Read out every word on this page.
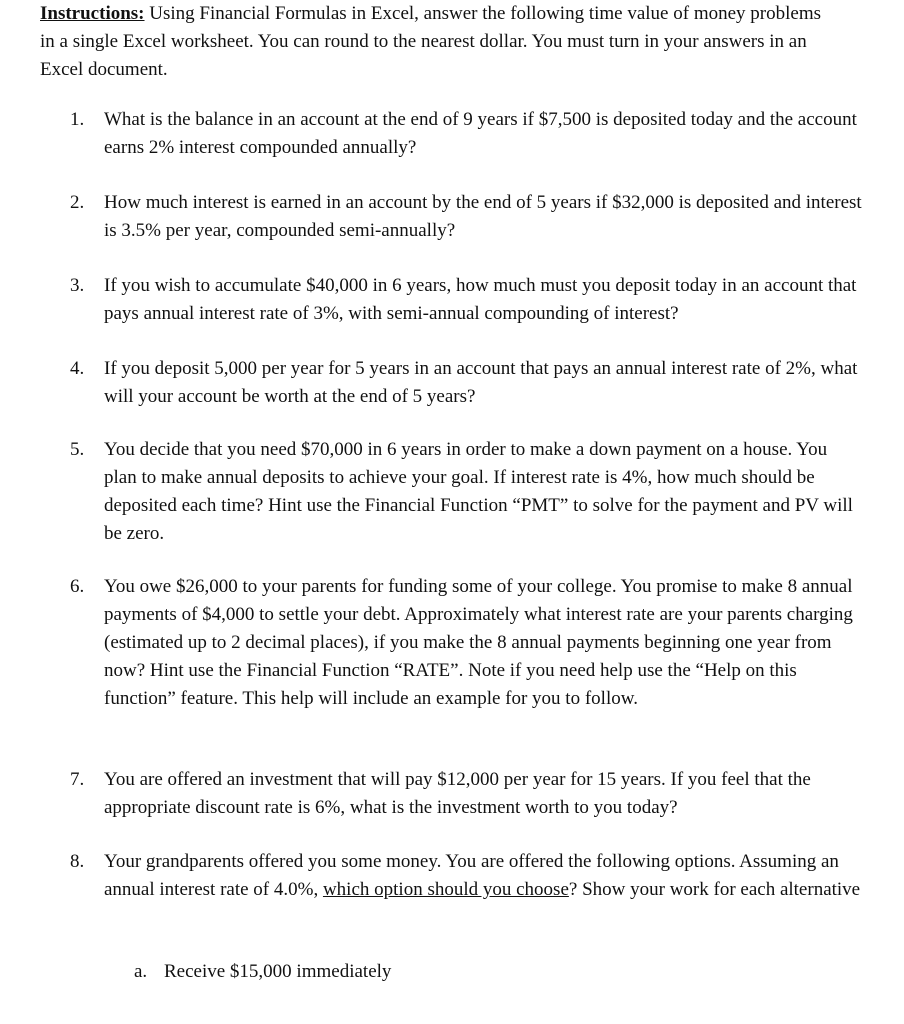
Instructions: Using Financial Formulas in Excel, answer the following time value of money problems in a single Excel worksheet. You can round to the nearest dollar. You must turn in your answers in an Excel document.

1.	What is the balance in an account at the end of 9 years if $7,500 is deposited today and the account earns 2% interest compounded annually?
2.	How much interest is earned in an account by the end of 5 years if $32,000 is deposited and interest is 3.5% per year, compounded semi-annually?
3.	If you wish to accumulate $40,000 in 6 years, how much must you deposit today in an account that pays annual interest rate of 3%, with semi-annual compounding of interest?
4.	If you deposit 5,000 per year for 5 years in an account that pays an annual interest rate of 2%, what will your account be worth at the end of 5 years?
5.	You decide that you need $70,000 in 6 years in order to make a down payment on a house. You plan to make annual deposits to achieve your goal. If interest rate is 4%, how much should be deposited each time? Hint use the Financial Function “PMT” to solve for the payment and PV will be zero.
6.	You owe $26,000 to your parents for funding some of your college. You promise to make 8 annual payments of $4,000 to settle your debt. Approximately what interest rate are your parents charging (estimated up to 2 decimal places), if you make the 8 annual payments beginning one year from now? Hint use the Financial Function “RATE”. Note if you need help use the “Help on this function” feature. This help will include an example for you to follow.
7.	You are offered an investment that will pay $12,000 per year for 15 years. If you feel that the appropriate discount rate is 6%, what is the investment worth to you today?
8.	Your grandparents offered you some money. You are offered the following options. Assuming an annual interest rate of 4.0%, which option should you choose? Show your work for each alternative
a. Receive $15,000 immediately
